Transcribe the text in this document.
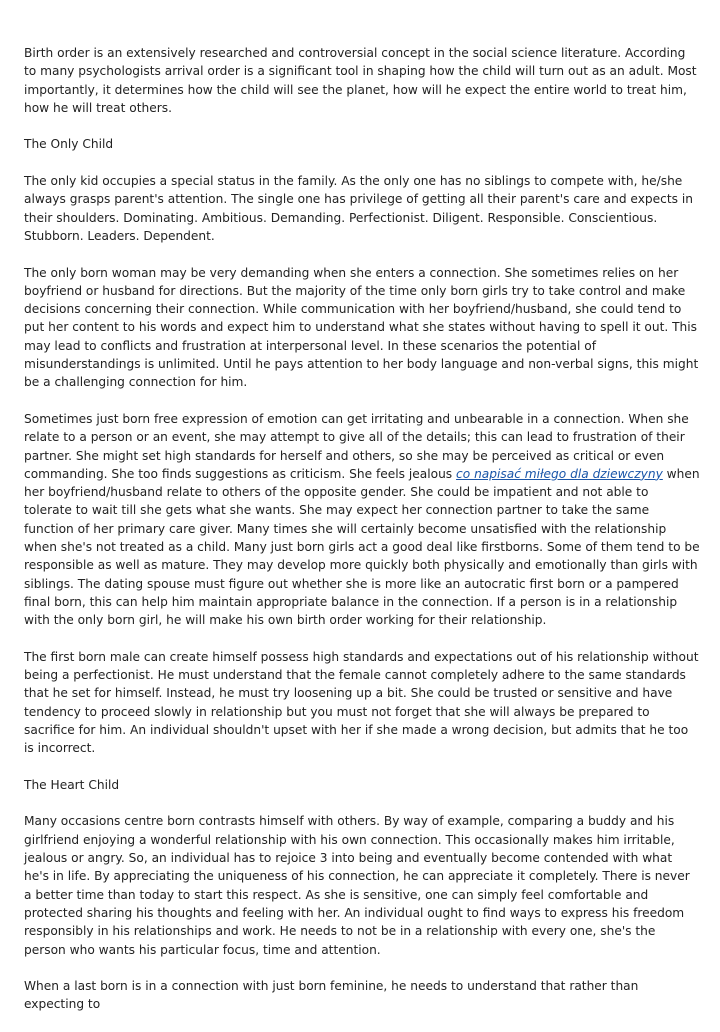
Birth order is an extensively researched and controversial concept in the social science literature. According to many psychologists arrival order is a significant tool in shaping how the child will turn out as an adult. Most importantly, it determines how the child will see the planet, how will he expect the entire world to treat him, how he will treat others.

The Only Child

The only kid occupies a special status in the family. As the only one has no siblings to compete with, he/she always grasps parent's attention. The single one has privilege of getting all their parent's care and expects in their shoulders. Dominating. Ambitious. Demanding. Perfectionist. Diligent. Responsible. Conscientious. Stubborn. Leaders. Dependent.

The only born woman may be very demanding when she enters a connection. She sometimes relies on her boyfriend or husband for directions. But the majority of the time only born girls try to take control and make decisions concerning their connection. While communication with her boyfriend/husband, she could tend to put her content to his words and expect him to understand what she states without having to spell it out. This may lead to conflicts and frustration at interpersonal level. In these scenarios the potential of misunderstandings is unlimited. Until he pays attention to her body language and non-verbal signs, this might be a challenging connection for him.

Sometimes just born free expression of emotion can get irritating and unbearable in a connection. When she relate to a person or an event, she may attempt to give all of the details; this can lead to frustration of their partner. She might set high standards for herself and others, so she may be perceived as critical or even commanding. She too finds suggestions as criticism. She feels jealous co napisać miłego dla dziewczyny when her boyfriend/husband relate to others of the opposite gender. She could be impatient and not able to tolerate to wait till she gets what she wants. She may expect her connection partner to take the same function of her primary care giver. Many times she will certainly become unsatisfied with the relationship when she's not treated as a child. Many just born girls act a good deal like firstborns. Some of them tend to be responsible as well as mature. They may develop more quickly both physically and emotionally than girls with siblings. The dating spouse must figure out whether she is more like an autocratic first born or a pampered final born, this can help him maintain appropriate balance in the connection. If a person is in a relationship with the only born girl, he will make his own birth order working for their relationship.

The first born male can create himself possess high standards and expectations out of his relationship without being a perfectionist. He must understand that the female cannot completely adhere to the same standards that he set for himself. Instead, he must try loosening up a bit. She could be trusted or sensitive and have tendency to proceed slowly in relationship but you must not forget that she will always be prepared to sacrifice for him. An individual shouldn't upset with her if she made a wrong decision, but admits that he too is incorrect.

The Heart Child

Many occasions centre born contrasts himself with others. By way of example, comparing a buddy and his girlfriend enjoying a wonderful relationship with his own connection. This occasionally makes him irritable, jealous or angry. So, an individual has to rejoice 3 into being and eventually become contended with what he's in life. By appreciating the uniqueness of his connection, he can appreciate it completely. There is never a better time than today to start this respect. As she is sensitive, one can simply feel comfortable and protected sharing his thoughts and feeling with her. An individual ought to find ways to express his freedom responsibly in his relationships and work. He needs to not be in a relationship with every one, she's the person who wants his particular focus, time and attention.

When a last born is in a connection with just born feminine, he needs to understand that rather than expecting to
